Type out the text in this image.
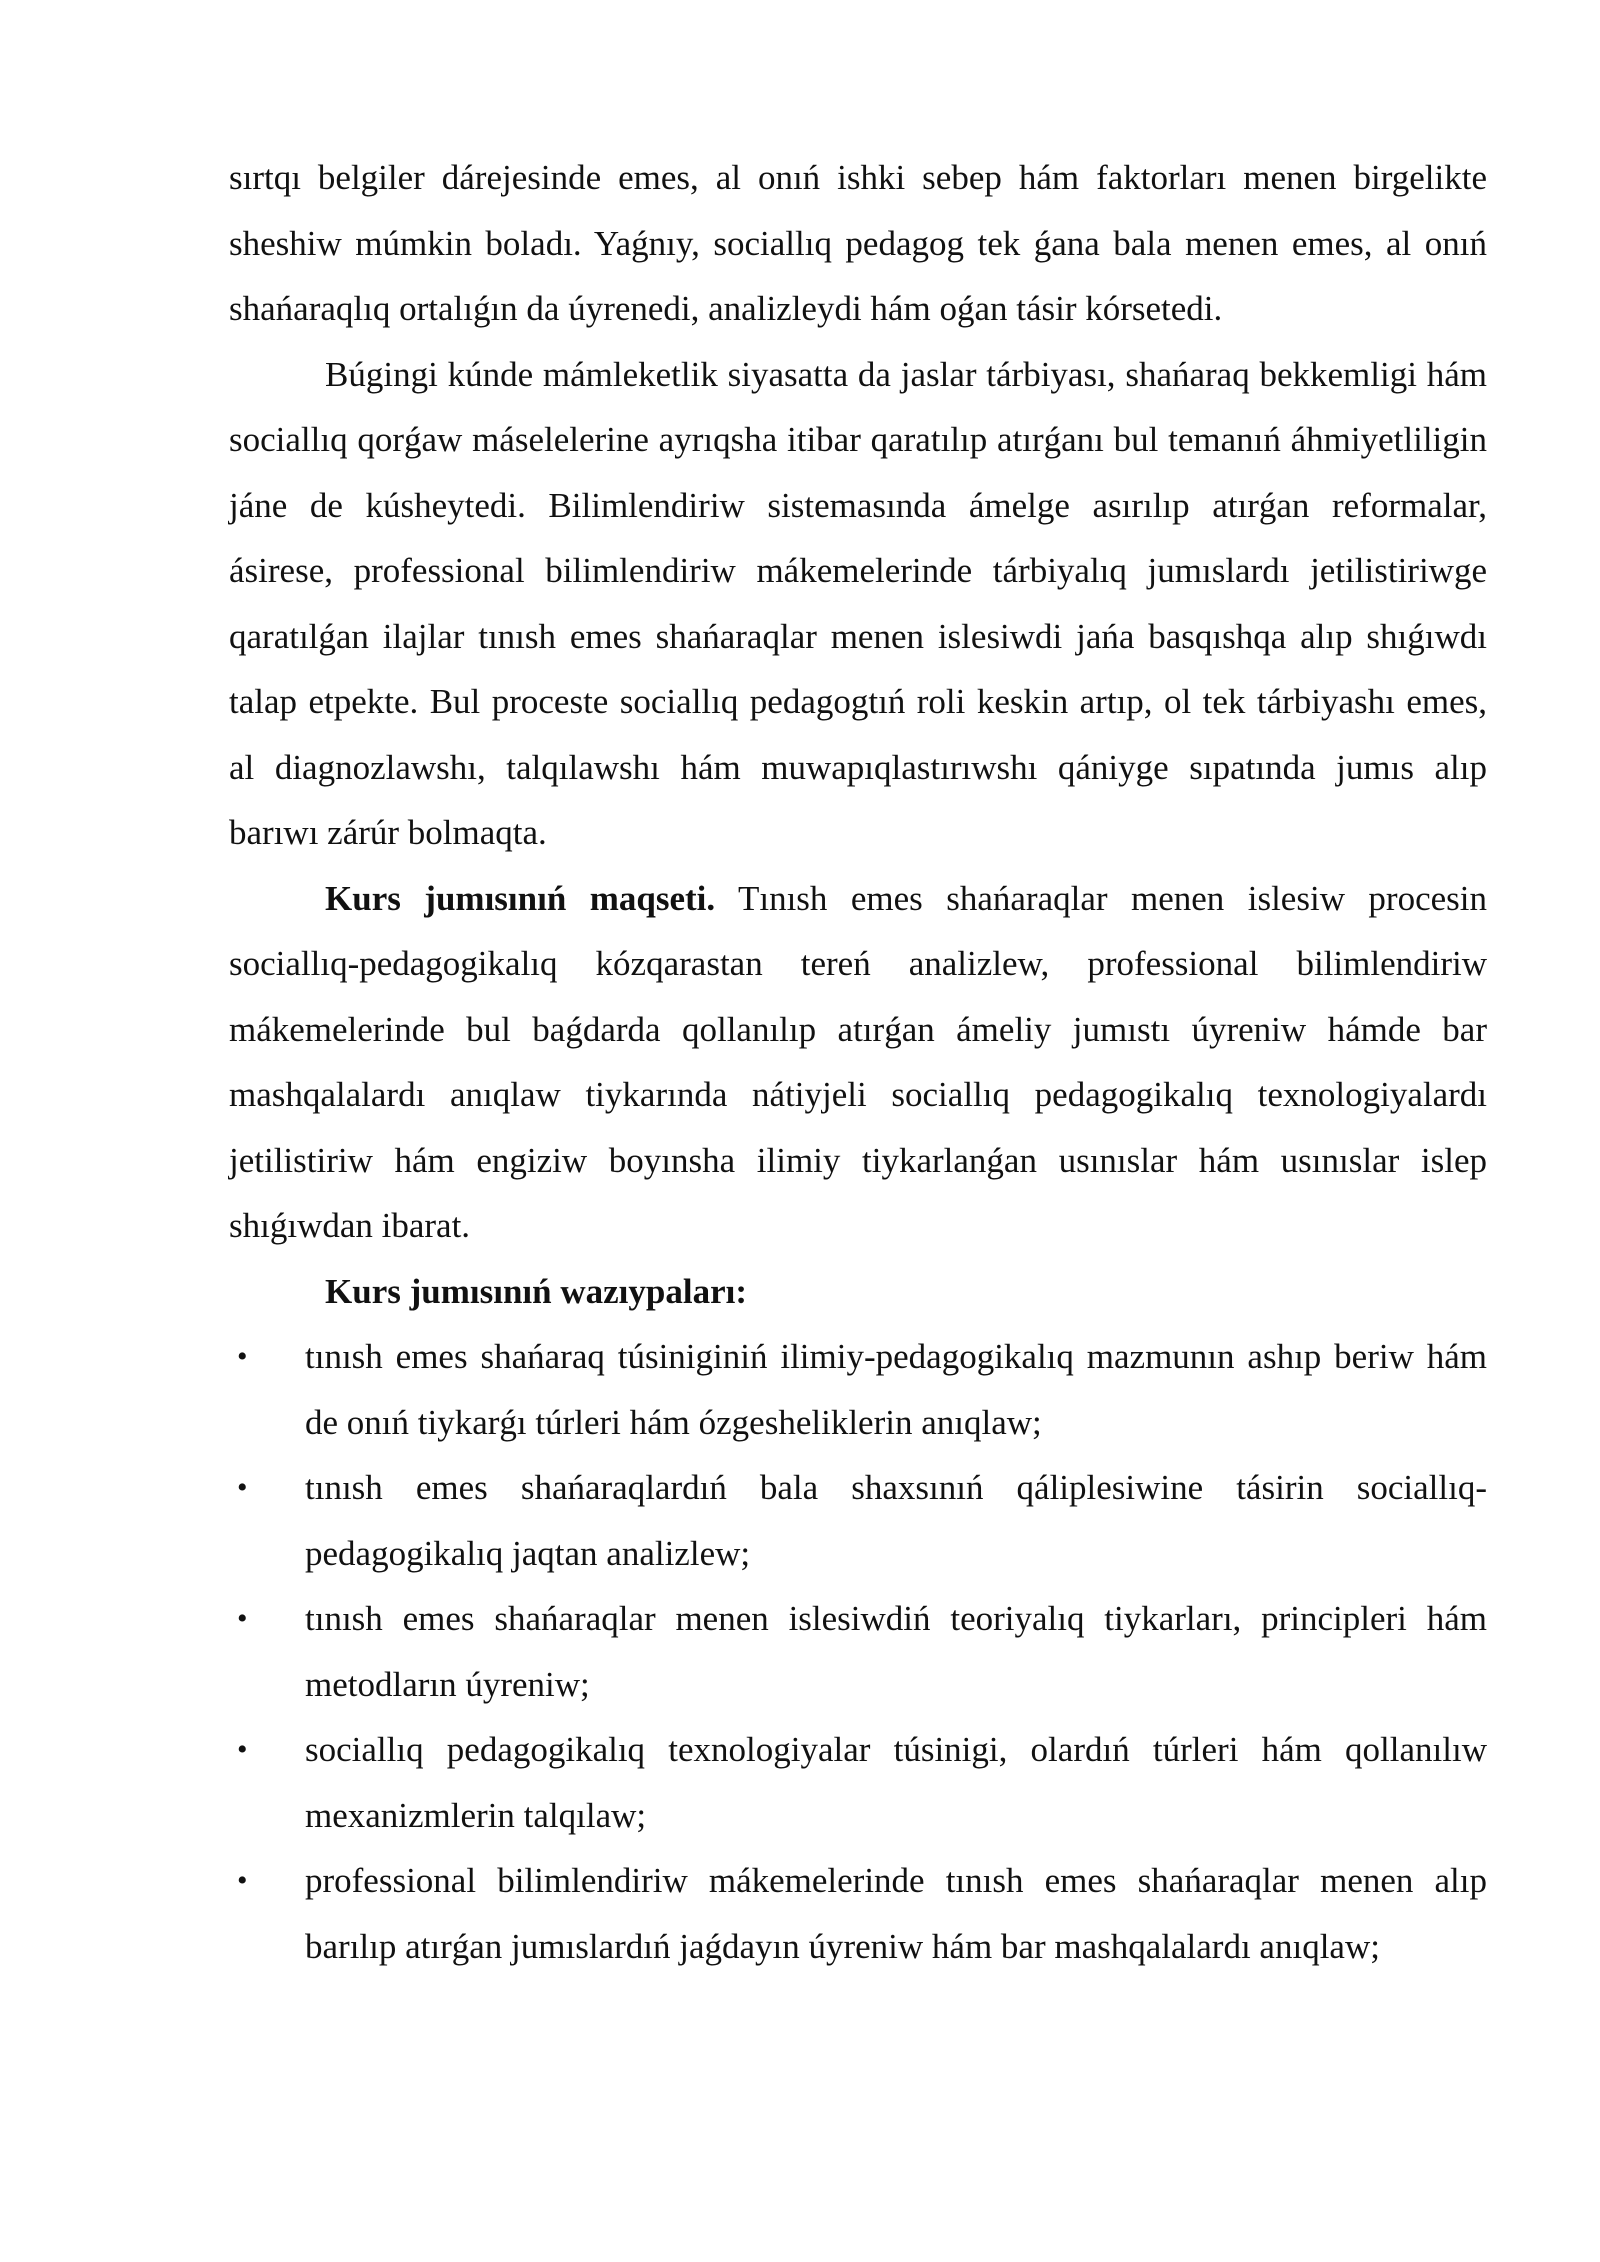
sırtqı belgiler dárejesinde emes, al onıń ishki sebep hám faktorları menen birgelikte sheshiw múmkin boladı. Yaǵnıy, sociallıq pedagog tek ǵana bala menen emes, al onıń shańaraqlıq ortalıǵın da úyrenedi, analizleydi hám oǵan tásir kórsetedi.

Búgingi kúnde mámleketlik siyasatta da jaslar tárbiyası, shańaraq bekkemligi hám sociallıq qorǵaw máselelerine ayrıqsha itibar qaratılıp atırǵanı bul temanıń áhmiyetliligin jáne de kúsheytedi. Bilimlendiriw sistemasında ámelge asırılıp atırǵan reformalar, ásirese, professional bilimlendiriw mákemelerinde tárbiyalıq jumıslardı jetilistiriwge qaratılǵan ilajlar tınısh emes shańaraqlar menen islesiwdi jańa basqıshqa alıp shıǵıwdı talap etpekte. Bul proceste sociallıq pedagogtıń roli keskin artıp, ol tek tárbiyashı emes, al diagnozlawshı, talqılawshı hám muwapıqlastırıwshı qániyge sıpatında jumıs alıp barıwı zárúr bolmaqta.

Kurs jumısınıń maqseti. Tınısh emes shańaraqlar menen islesiw procesin sociallıq-pedagogikalıq kózqarastan tereń analizlew, professional bilimlendiriw mákemelerinde bul baǵdarda qollanılıp atırǵan ámeliy jumıstı úyreniw hámde bar mashqalalardı anıqlaw tiykarında nátiyjeli sociallıq pedagogikalıq texnologiyalardı jetilistiriw hám engiziw boyınsha ilimiy tiykarlanǵan usınıslar hám usınıslar islep shıǵıwdan ibarat.

Kurs jumısınıń wazıypaları:

• tınısh emes shańaraq túsiniginiń ilimiy-pedagogikalıq mazmunın ashıp beriw hám de onıń tiykarǵı túrleri hám ózgesheliklerin anıqlaw;
• tınısh emes shańaraqlardıń bala shaxsınıń qáliplesiwine tásirin sociallıq-pedagogikalıq jaqtan analizlew;
• tınısh emes shańaraqlar menen islesiwdiń teoriyalıq tiykarları, principleri hám metodların úyreniw;
• sociallıq pedagogikalıq texnologiyalar túsinigi, olardıń túrleri hám qollanılıw mexanizmlerin talqılaw;
• professional bilimlendiriw mákemelerinde tınısh emes shańaraqlar menen alıp barılıp atırǵan jumıslardıń jaǵdayın úyreniw hám bar mashqalalardı anıqlaw;
